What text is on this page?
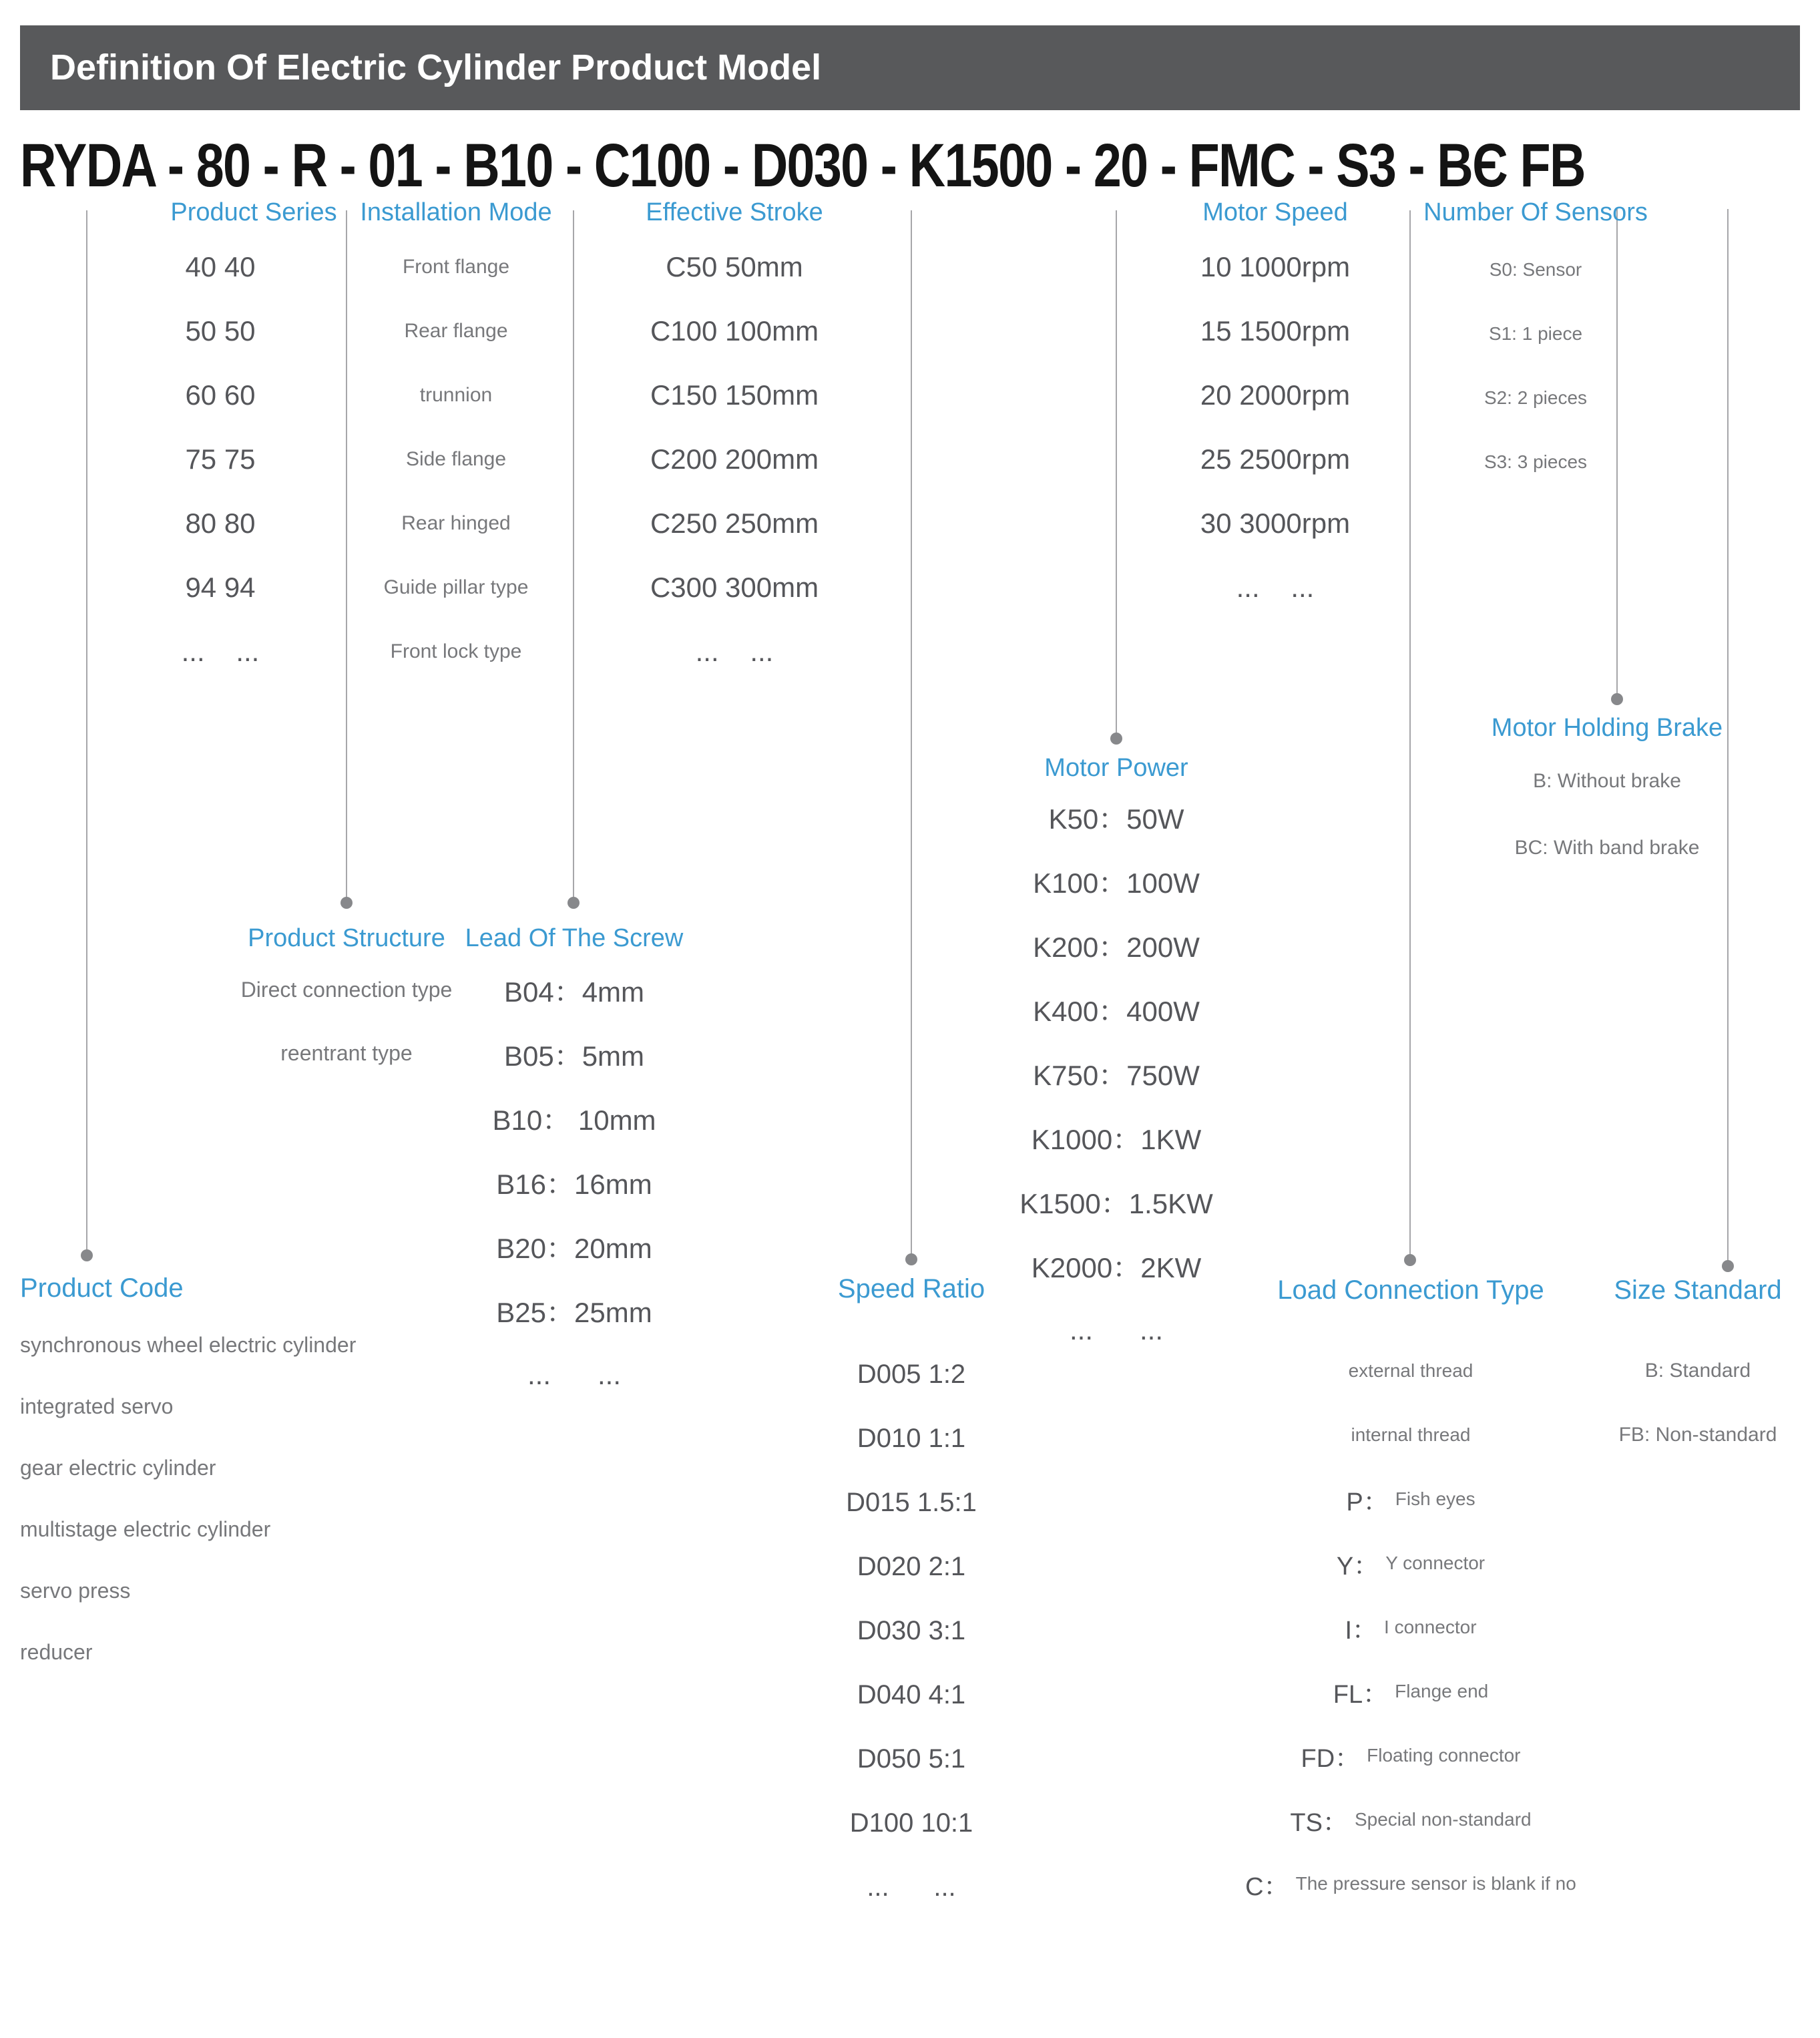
Definition Of Electric Cylinder Product Model
RYDA - 80 - R - 01 - B10 - C100 - D030 - K1500 - 20 - FMC - S3 - BЄ FB
Product Series
40 40
50 50
60 60
75 75
80 80
94 94
...    ...
Installation Mode
Front flange
Rear flange
trunnion
Side flange
Rear hinged
Guide pillar type
Front lock type
Effective Stroke
C50 50mm
C100 100mm
C150 150mm
C200 200mm
C250 250mm
C300 300mm
...    ...
Motor Speed
10 1000rpm
15 1500rpm
20 2000rpm
25 2500rpm
30 3000rpm
...    ...
Number Of Sensors
S0: Sensor
S1: 1 piece
S2: 2 pieces
S3: 3 pieces
Motor Holding Brake
B: Without brake
BC: With band brake
Motor Power
K50：50W
K100：100W
K200：200W
K400：400W
K750：750W
K1000：1KW
K1500：1.5KW
K2000：2KW
...      ...
Product Structure
Direct connection type
reentrant type
Lead Of The Screw
B04：4mm
B05：5mm
B10： 10mm
B16：16mm
B20：20mm
B25：25mm
...      ...
Product Code
synchronous wheel electric cylinder
integrated servo
gear electric cylinder
multistage electric cylinder
servo press
reducer
Speed Ratio
D005 1:2
D010 1:1
D015 1.5:1
D020 2:1
D030 3:1
D040 4:1
D050 5:1
D100 10:1
...      ...
Load Connection Type
external thread
internal thread
P： Fish eyes
Y： Y connector
I： I connector
FL： Flange end
FD： Floating connector
TS： Special non-standard
C： The pressure sensor is blank if no
Size Standard
B: Standard
FB: Non-standard
